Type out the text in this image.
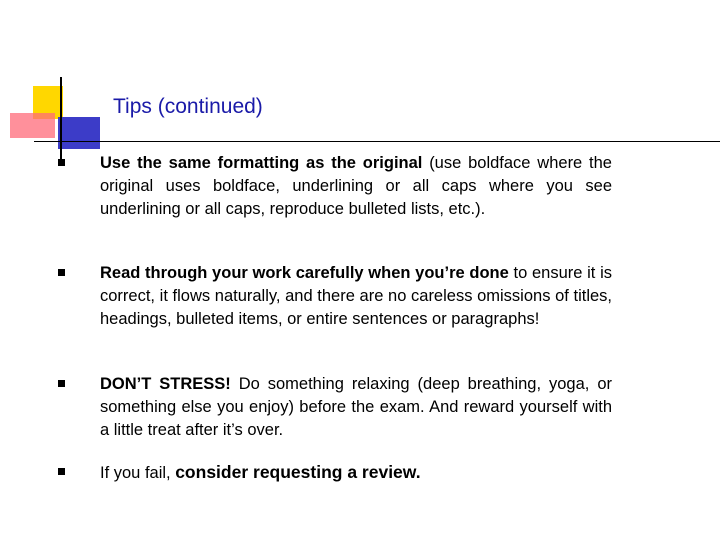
Tips (continued)

Use the same formatting as the original (use boldface where the original uses boldface, underlining or all caps where you see underlining or all caps, reproduce bulleted lists, etc.).

Read through your work carefully when you’re done to ensure it is correct, it flows naturally, and there are no careless omissions of titles, headings, bulleted items, or entire sentences or paragraphs!

DON’T STRESS! Do something relaxing (deep breathing, yoga, or something else you enjoy) before the exam. And reward yourself with a little treat after it’s over.

If you fail, consider requesting a review.
